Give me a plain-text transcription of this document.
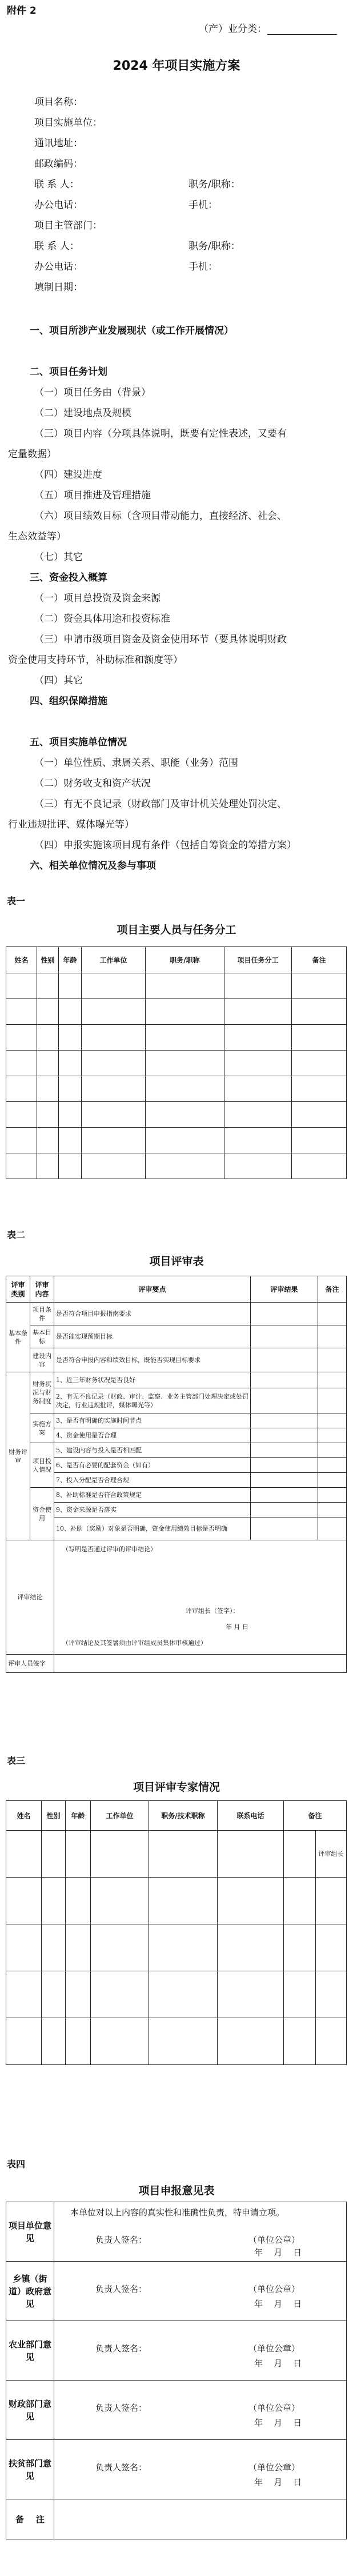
附件 2
（产）业分类：
2024 年项目实施方案
项目名称：
项目实施单位：
通讯地址：
邮政编码：
联 系 人：	职务/职称：
办公电话：	手机：
项目主管部门：
联 系 人：	职务/职称：
办公电话：	手机：
填制日期：
一、项目所涉产业发展现状（或工作开展情况）
二、项目任务计划
（一）项目任务由（背景）
（二）建设地点及规模
（三）项目内容（分项具体说明，既要有定性表述，又要有
定量数据）
（四）建设进度
（五）项目推进及管理措施
（六）项目绩效目标（含项目带动能力，直接经济、社会、
生态效益等）
（七）其它
三、资金投入概算
（一）项目总投资及资金来源
（二）资金具体用途和投资标准
（三）申请市级项目资金及资金使用环节（要具体说明财政
资金使用支持环节，补助标准和额度等）
（四）其它
四、组织保障措施
五、项目实施单位情况
（一）单位性质、隶属关系、职能（业务）范围
（二）财务收支和资产状况
（三）有无不良记录（财政部门及审计机关处理处罚决定、
行业违规批评、媒体曝光等）
（四）申报实施该项目现有条件（包括自筹资金的筹措方案）
六、相关单位情况及参与事项
表一
项目主要人员与任务分工
姓名	性别	年龄	工作单位	职务/职称	项目任务分工	备注

表二
项目评审表
评审类别	评审内容	评审要点	评审结果	备注
基本条件	项目条件	是否符合项目申报指南要求		
	基本目标	是否能实现预期目标		
	建设内容	是否符合申报内容和绩效目标，既能否实现目标要求		
财务评审	财务状况与财务制度	1、近三年财务状况是否良好		
		2、有无不良记录（财政、审计、监察、业务主管部门处理决定或处罚决定，行业违规批评，媒体曝光等）		
	实施方案	3、是否有明确的实施时间节点		
		4、资金使用是否合理		
	项目投入情况	5、建设内容与投入是否相匹配		
		6、是否有必要的配套资金（如有）		
		7、投入分配是否合理合规		
	资金使用	8、补助标准是否符合政策规定		
		9、资金来源是否落实		
		10、补助（奖励）对象是否明确，资金使用绩效目标是否明确		
评审结论		（写明是否通过评审的评审结论）
评审组长（签字）：
年 月 日
（评审结论及其签署须由评审组成员集体审核通过）		

评审人员签字				
表三
项目评审专家情况
姓名	性别	年龄	工作单位	职务/技术职称	联系电话	备注	
							评审组长

表四
项目申报意见表
项目单位意见	本单位对以上内容的真实性和准确性负责，特申请立项。
负责人签名： （单位公章）
年    月    日

乡镇（街道）政府意见	负责人签名： （单位公章）
年    月    日

农业部门意见	负责人签名： （单位公章）
年    月    日

财政部门意见	负责人签名： （单位公章）
年    月    日

扶贫部门意见	负责人签名： （单位公章）
年    月    日

备    注	
